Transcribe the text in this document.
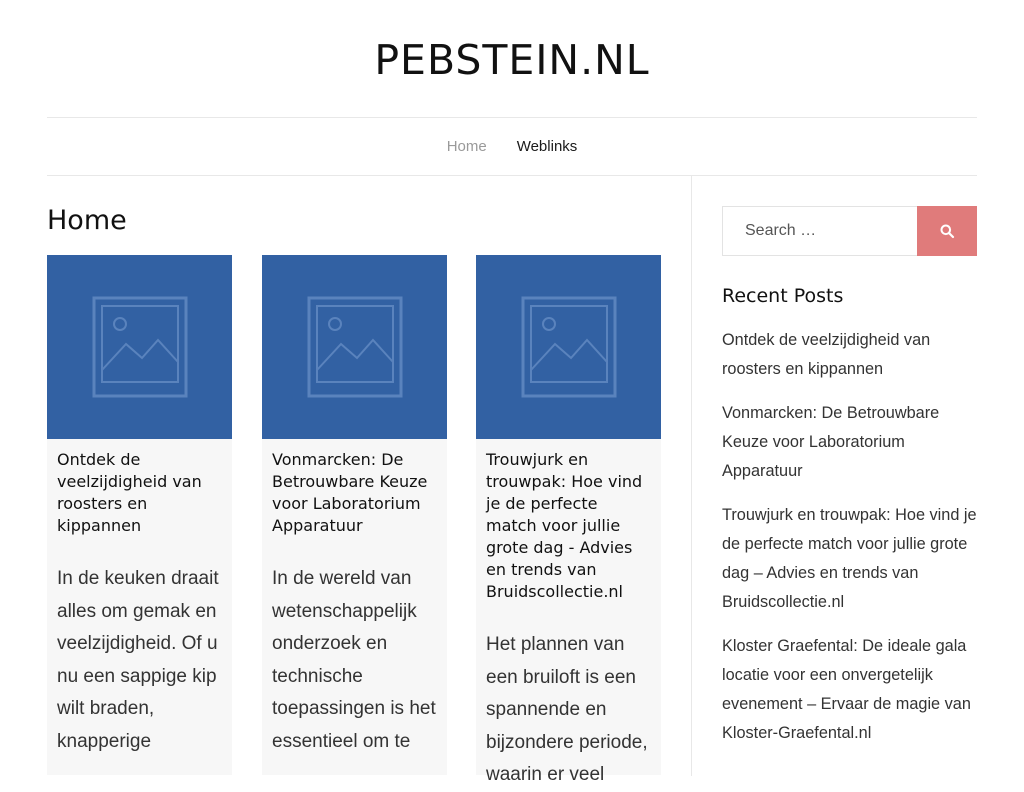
PEBSTEIN.NL
Home Weblinks
Home
Ontdek de veelzijdigheid van roosters en kippannen

In de keuken draait alles om gemak en veelzijdigheid. Of u nu een sappige kip wilt braden, knapperige

Vonmarcken: De Betrouwbare Keuze voor Laboratorium Apparatuur

In de wereld van wetenschappelijk onderzoek en technische toepassingen is het essentieel om te

Trouwjurk en trouwpak: Hoe vind je de perfecte match voor jullie grote dag - Advies en trends van Bruidscollectie.nl

Het plannen van een bruiloft is een spannende en bijzondere periode, waarin er veel

Search …
Recent Posts
Ontdek de veelzijdigheid van roosters en kippannen
Vonmarcken: De Betrouwbare Keuze voor Laboratorium Apparatuur
Trouwjurk en trouwpak: Hoe vind je de perfecte match voor jullie grote dag – Advies en trends van Bruidscollectie.nl
Kloster Graefental: De ideale gala locatie voor een onvergetelijk evenement – Ervaar de magie van Kloster-Graefental.nl
